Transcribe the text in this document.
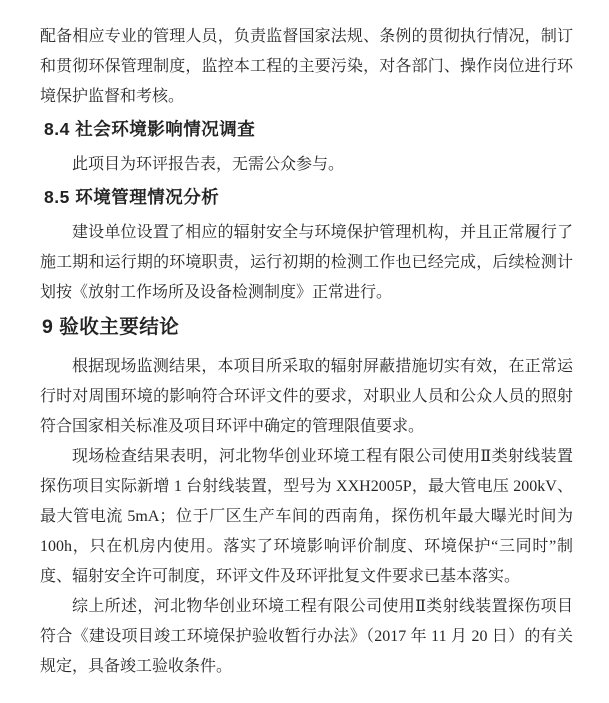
配备相应专业的管理人员，负责监督国家法规、条例的贯彻执行情况，制订和贯彻环保管理制度，监控本工程的主要污染，对各部门、操作岗位进行环境保护监督和考核。

8.4 社会环境影响情况调查

此项目为环评报告表，无需公众参与。

8.5 环境管理情况分析

建设单位设置了相应的辐射安全与环境保护管理机构，并且正常履行了施工期和运行期的环境职责，运行初期的检测工作也已经完成，后续检测计划按《放射工作场所及设备检测制度》正常进行。

9 验收主要结论

根据现场监测结果，本项目所采取的辐射屏蔽措施切实有效，在正常运行时对周围环境的影响符合环评文件的要求，对职业人员和公众人员的照射符合国家相关标准及项目环评中确定的管理限值要求。

现场检查结果表明，河北物华创业环境工程有限公司使用Ⅱ类射线装置探伤项目实际新增 1 台射线装置，型号为 XXH2005P，最大管电压 200kV、最大管电流 5mA；位于厂区生产车间的西南角，探伤机年最大曝光时间为 100h，只在机房内使用。落实了环境影响评价制度、环境保护“三同时”制度、辐射安全许可制度，环评文件及环评批复文件要求已基本落实。

综上所述，河北物华创业环境工程有限公司使用Ⅱ类射线装置探伤项目符合《建设项目竣工环境保护验收暂行办法》（2017 年 11 月 20 日）的有关规定，具备竣工验收条件。
